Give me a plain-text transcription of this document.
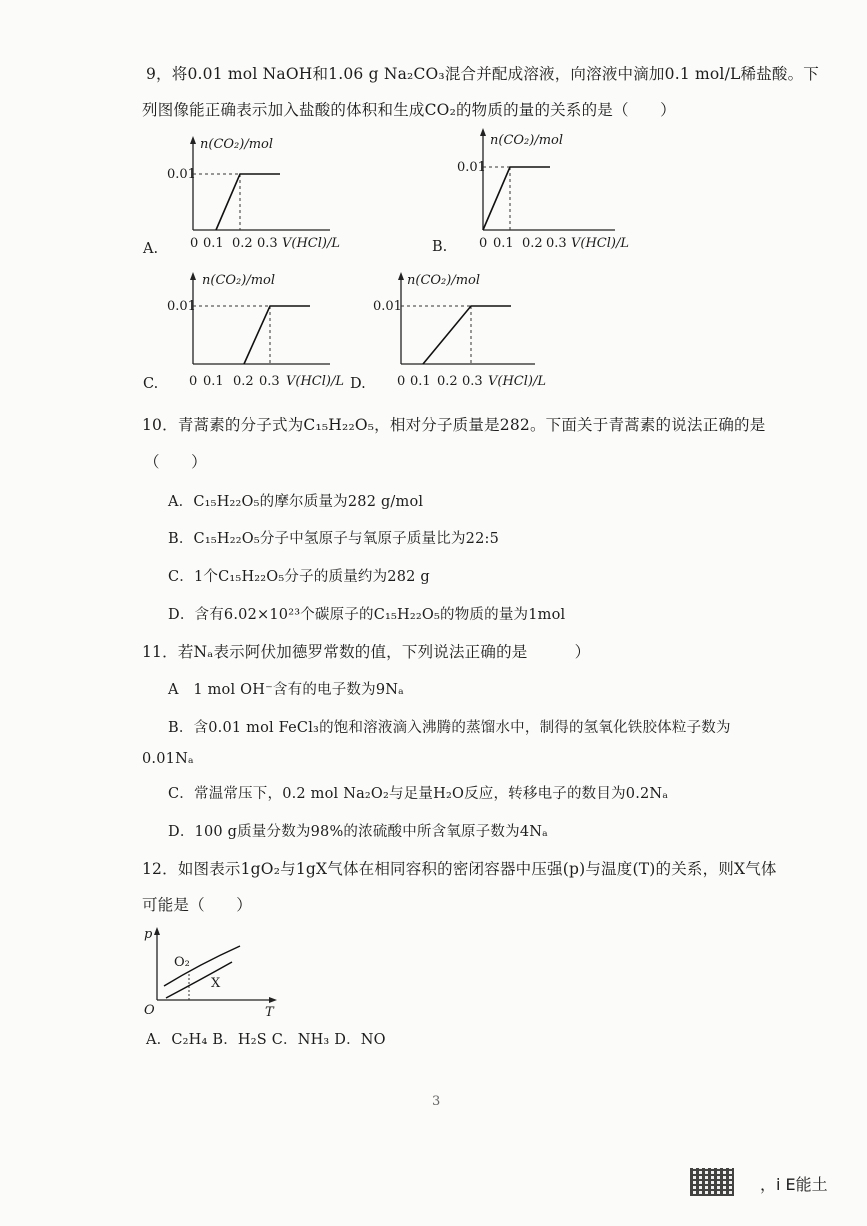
9，将0.01 mol NaOH和1.06 g Na₂CO₃混合并配成溶液，向溶液中滴加0.1 mol/L稀盐酸。下
列图像能正确表示加入盐酸的体积和生成CO₂的物质的量的关系的是（　　）
n(CO₂)/mol
0.01
0 0.1 0.2 0.3 V(HCl)/L
A.
n(CO₂)/mol
0.01
0 0.1 0.2 0.3 V(HCl)/L
B.
n(CO₂)/mol
0.01
0 0.1 0.2 0.3 V(HCl)/L
C.
n(CO₂)/mol
0.01
0 0.1 0.2 0.3 V(HCl)/L
D.
10．青蒿素的分子式为C₁₅H₂₂O₅，相对分子质量是282。下面关于青蒿素的说法正确的是
（　　）
A．C₁₅H₂₂O₅的摩尔质量为282 g/mol
B．C₁₅H₂₂O₅分子中氢原子与氧原子质量比为22:5
C．1个C₁₅H₂₂O₅分子的质量约为282 g
D．含有6.02×10²³个碳原子的C₁₅H₂₂O₅的物质的量为1mol
11．若Nₐ表示阿伏加德罗常数的值，下列说法正确的是　　　）
A　1 mol OH⁻含有的电子数为9Nₐ
B．含0.01 mol FeCl₃的饱和溶液滴入沸腾的蒸馏水中，制得的氢氧化铁胶体粒子数为
0.01Nₐ
C．常温常压下，0.2 mol Na₂O₂与足量H₂O反应，转移电子的数目为0.2Nₐ
D．100 g质量分数为98%的浓硫酸中所含氧原子数为4Nₐ
12．如图表示1gO₂与1gX气体在相同容积的密闭容器中压强(p)与温度(T)的关系，则X气体
可能是（　　）
p
T
O
O₂
X
A．C₂H₄ B．H₂S C．NH₃ D．NO
3
，i E能土
